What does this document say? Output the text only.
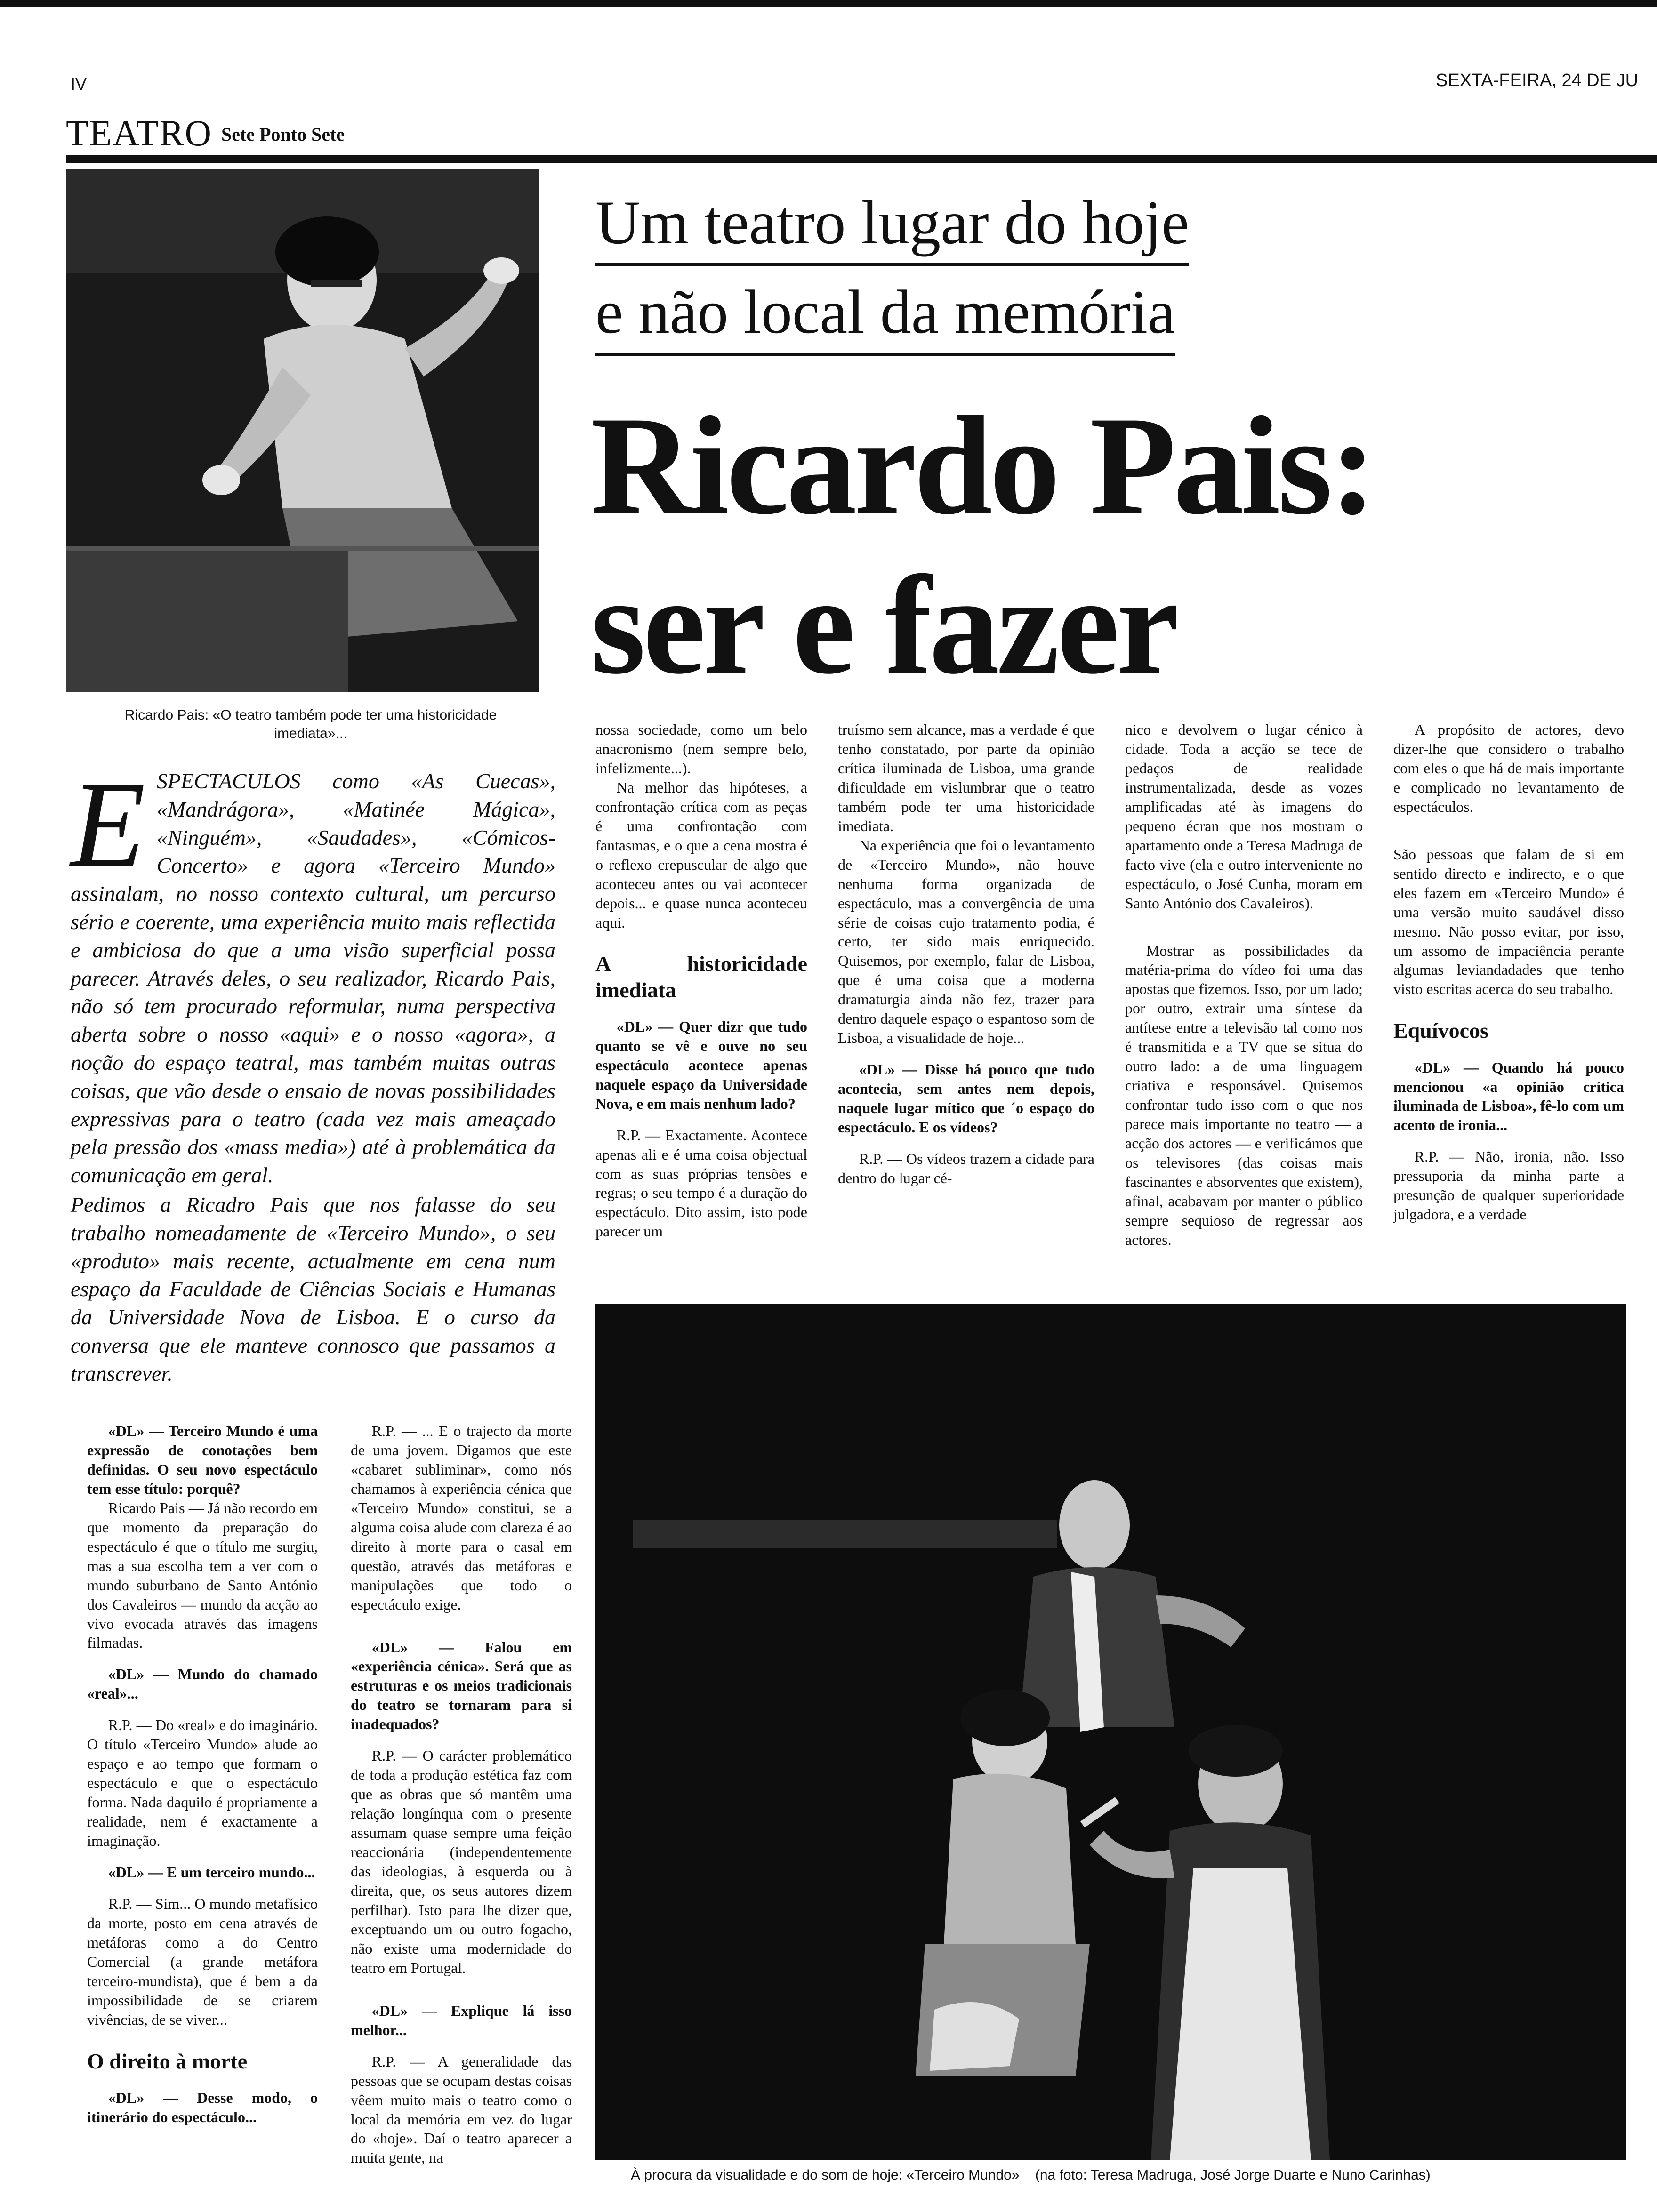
IV	SEXTA-FEIRA, 24 DE JU
TEATRO Sete Ponto Sete
Ricardo Pais: «O teatro também pode ter uma historicidade imediata»...
Um teatro lugar do hoje
e não local da memória
Ricardo Pais:
ser e fazer
E SPECTACULOS como «As Cuecas», «Mandrágora», «Matinée Mágica», «Ninguém», «Saudades», «Cómicos-Concerto» e agora «Terceiro Mundo» assinalam, no nosso contexto cultural, um percurso sério e coerente, uma experiência muito mais reflectida e ambiciosa do que a uma visão superficial possa parecer. Através deles, o seu realizador, Ricardo Pais, não só tem procurado reformular, numa perspectiva aberta sobre o nosso «aqui» e o nosso «agora», a noção do espaço teatral, mas também muitas outras coisas, que vão desde o ensaio de novas possibilidades expressivas para o teatro (cada vez mais ameaçado pela pressão dos «mass media») até à problemática da comunicação em geral.
Pedimos a Ricadro Pais que nos falasse do seu trabalho nomeadamente de «Terceiro Mundo», o seu «produto» mais recente, actualmente em cena num espaço da Faculdade de Ciências Sociais e Humanas da Universidade Nova de Lisboa. E o curso da conversa que ele manteve connosco que passamos a transcrever.

nossa sociedade, como um belo anacronismo (nem sempre belo, infelizmente...).

Na melhor das hipóteses, a confrontação crítica com as peças é uma confrontação com fantasmas, e o que a cena mostra é o reflexo crepuscular de algo que aconteceu antes ou vai acontecer depois... e quase nunca aconteceu aqui.

A historicidade imediata

«DL» — Quer dizr que tudo quanto se vê e ouve no seu espectáculo acontece apenas naquele espaço da Universidade Nova, e em mais nenhum lado?

R.P. — Exactamente. Acontece apenas ali e é uma coisa objectual com as suas próprias tensões e regras; o seu tempo é a duração do espectáculo. Dito assim, isto pode parecer um

truísmo sem alcance, mas a verdade é que tenho constatado, por parte da opinião crítica iluminada de Lisboa, uma grande dificuldade em vislumbrar que o teatro também pode ter uma historicidade imediata.

Na experiência que foi o levantamento de «Terceiro Mundo», não houve nenhuma forma organizada de espectáculo, mas a convergência de uma série de coisas cujo tratamento podia, é certo, ter sido mais enriquecido. Quisemos, por exemplo, falar de Lisboa, que é uma coisa que a moderna dramaturgia ainda não fez, trazer para dentro daquele espaço o espantoso som de Lisboa, a visualidade de hoje...

«DL» — Disse há pouco que tudo acontecia, sem antes nem depois, naquele lugar mítico que ´o espaço do espectáculo. E os vídeos?

R.P. — Os vídeos trazem a cidade para dentro do lugar cé-

nico e devolvem o lugar cénico à cidade. Toda a acção se tece de pedaços de realidade instrumentalizada, desde as vozes amplificadas até às imagens do pequeno écran que nos mostram o apartamento onde a Teresa Madruga de facto vive (ela e outro interveniente no espectáculo, o José Cunha, moram em Santo António dos Cavaleiros).

Mostrar as possibilidades da matéria-prima do vídeo foi uma das apostas que fizemos. Isso, por um lado; por outro, extrair uma síntese da antítese entre a televisão tal como nos é transmitida e a TV que se situa do outro lado: a de uma linguagem criativa e responsável. Quisemos confrontar tudo isso com o que nos parece mais importante no teatro — a acção dos actores — e verificámos que os televisores (das coisas mais fascinantes e absorventes que existem), afinal, acabavam por manter o público sempre sequioso de regressar aos actores.

A propósito de actores, devo dizer-lhe que considero o trabalho com eles o que há de mais importante e complicado no levantamento de espectáculos.

São pessoas que falam de si em sentido directo e indirecto, e o que eles fazem em «Terceiro Mundo» é uma versão muito saudável disso mesmo. Não posso evitar, por isso, um assomo de impaciência perante algumas leviandadades que tenho visto escritas acerca do seu trabalho.

Equívocos

«DL» — Quando há pouco mencionou «a opinião crítica iluminada de Lisboa», fê-lo com um acento de ironia...

R.P. — Não, ironia, não. Isso pressuporia da minha parte a presunção de qualquer superioridade julgadora, e a verdade

«DL» — Terceiro Mundo é uma expressão de conotações bem definidas. O seu novo espectáculo tem esse título: porquê?

Ricardo Pais — Já não recordo em que momento da preparação do espectáculo é que o título me surgiu, mas a sua escolha tem a ver com o mundo suburbano de Santo António dos Cavaleiros — mundo da acção ao vivo evocada através das imagens filmadas.

«DL» — Mundo do chamado «real»...

R.P. — Do «real» e do imaginário. O título «Terceiro Mundo» alude ao espaço e ao tempo que formam o espectáculo e que o espectáculo forma. Nada daquilo é propriamente a realidade, nem é exactamente a imaginação.

«DL» — E um terceiro mundo...

R.P. — Sim... O mundo metafísico da morte, posto em cena através de metáforas como a do Centro Comercial (a grande metáfora terceiro-mundista), que é bem a da impossibilidade de se criarem vivências, de se viver...

O direito à morte

«DL» — Desse modo, o itinerário do espectáculo...

R.P. — ... E o trajecto da morte de uma jovem. Digamos que este «cabaret subliminar», como nós chamamos à experiência cénica que «Terceiro Mundo» constitui, se a alguma coisa alude com clareza é ao direito à morte para o casal em questão, através das metáforas e manipulações que todo o espectáculo exige.

«DL» — Falou em «experiência cénica». Será que as estruturas e os meios tradicionais do teatro se tornaram para si inadequados?

R.P. — O carácter problemático de toda a produção estética faz com que as obras que só mantêm uma relação longínqua com o presente assumam quase sempre uma feição reaccionária (independentemente das ideologias, à esquerda ou à direita, que, os seus autores dizem perfilhar). Isto para lhe dizer que, exceptuando um ou outro fogacho, não existe uma modernidade do teatro em Portugal.

«DL» — Explique lá isso melhor...

R.P. — A generalidade das pessoas que se ocupam destas coisas vêem muito mais o teatro como o local da memória em vez do lugar do «hoje». Daí o teatro aparecer a muita gente, na

À procura da visualidade e do som de hoje: «Terceiro Mundo» (na foto: Teresa Madruga, José Jorge Duarte e Nuno Carinhas)
